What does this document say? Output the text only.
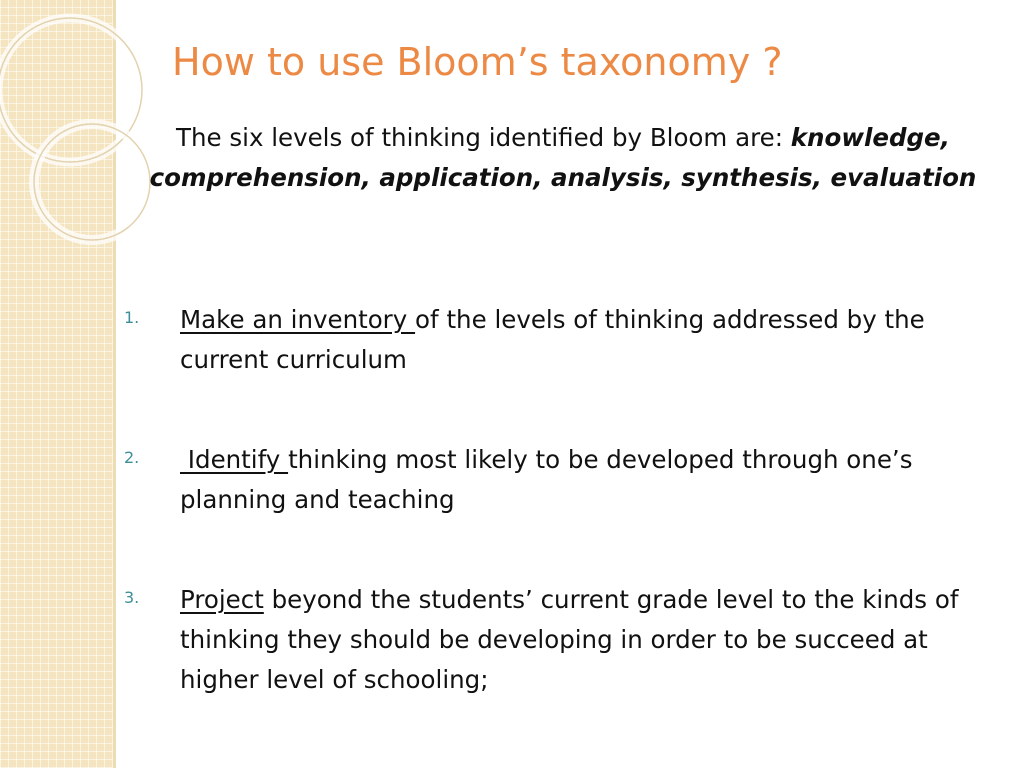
How to use Bloom’s taxonomy ?

The six levels of thinking identified by Bloom are: knowledge, comprehension, application, analysis, synthesis, evaluation

1.	Make an inventory of the levels of thinking addressed by the current curriculum

2.	Identify thinking most likely to be developed through one’s planning and teaching

3.	Project beyond the students’ current grade level to the kinds of thinking they should be developing in order to be succeed at higher level of schooling;
